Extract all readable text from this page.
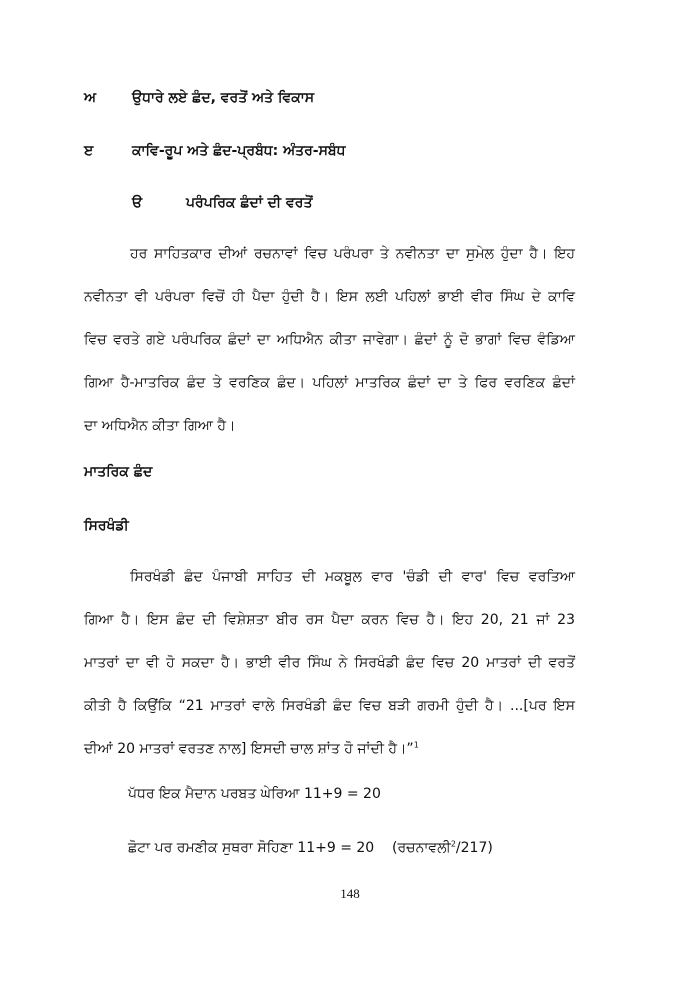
ਅ	ਉਧਾਰੇ ਲਏ ਛੰਦ, ਵਰਤੋਂ ਅਤੇ ਵਿਕਾਸ
ੲ	ਕਾਵਿ-ਰੂਪ ਅਤੇ ਛੰਦ-ਪ੍ਰਬੰਧ: ਅੰਤਰ-ਸਬੰਧ
ੳ	ਪਰੰਪਰਿਕ ਛੰਦਾਂ ਦੀ ਵਰਤੋਂ
ਹਰ ਸਾਹਿਤਕਾਰ ਦੀਆਂ ਰਚਨਾਵਾਂ ਵਿਚ ਪਰੰਪਰਾ ਤੇ ਨਵੀਨਤਾ ਦਾ ਸੁਮੇਲ ਹੁੰਦਾ ਹੈ। ਇਹ
ਨਵੀਨਤਾ ਵੀ ਪਰੰਪਰਾ ਵਿਚੋਂ ਹੀ ਪੈਦਾ ਹੁੰਦੀ ਹੈ। ਇਸ ਲਈ ਪਹਿਲਾਂ ਭਾਈ ਵੀਰ ਸਿੰਘ ਦੇ ਕਾਵਿ
ਵਿਚ ਵਰਤੇ ਗਏ ਪਰੰਪਰਿਕ ਛੰਦਾਂ ਦਾ ਅਧਿਐਨ ਕੀਤਾ ਜਾਵੇਗਾ। ਛੰਦਾਂ ਨੂੰ ਦੋ ਭਾਗਾਂ ਵਿਚ ਵੰਡਿਆ
ਗਿਆ ਹੈ-ਮਾਤਰਿਕ ਛੰਦ ਤੇ ਵਰਣਿਕ ਛੰਦ। ਪਹਿਲਾਂ ਮਾਤਰਿਕ ਛੰਦਾਂ ਦਾ ਤੇ ਫਿਰ ਵਰਣਿਕ ਛੰਦਾਂ
ਦਾ ਅਧਿਐਨ ਕੀਤਾ ਗਿਆ ਹੈ।
ਮਾਤਰਿਕ ਛੰਦ
ਸਿਰਖੰਡੀ
ਸਿਰਖੰਡੀ ਛੰਦ ਪੰਜਾਬੀ ਸਾਹਿਤ ਦੀ ਮਕਬੂਲ ਵਾਰ 'ਚੰਡੀ ਦੀ ਵਾਰ' ਵਿਚ ਵਰਤਿਆ
ਗਿਆ ਹੈ। ਇਸ ਛੰਦ ਦੀ ਵਿਸ਼ੇਸ਼ਤਾ ਬੀਰ ਰਸ ਪੈਦਾ ਕਰਨ ਵਿਚ ਹੈ। ਇਹ 20, 21 ਜਾਂ 23
ਮਾਤਰਾਂ ਦਾ ਵੀ ਹੋ ਸਕਦਾ ਹੈ। ਭਾਈ ਵੀਰ ਸਿੰਘ ਨੇ ਸਿਰਖੰਡੀ ਛੰਦ ਵਿਚ 20 ਮਾਤਰਾਂ ਦੀ ਵਰਤੋਂ
ਕੀਤੀ ਹੈ ਕਿਉਂਕਿ “21 ਮਾਤਰਾਂ ਵਾਲੇ ਸਿਰਖੰਡੀ ਛੰਦ ਵਿਚ ਬੜੀ ਗਰਮੀ ਹੁੰਦੀ ਹੈ। ...[ਪਰ ਇਸ
ਦੀਆਂ 20 ਮਾਤਰਾਂ ਵਰਤਣ ਨਾਲ] ਇਸਦੀ ਚਾਲ ਸ਼ਾਂਤ ਹੋ ਜਾਂਦੀ ਹੈ।”$^1$
ਪੱਧਰ ਇਕ ਮੈਦਾਨ ਪਰਬਤ ਘੇਰਿਆ 11+9 = 20
ਛੋਟਾ ਪਰ ਰਮਣੀਕ ਸੁਥਰਾ ਸੋਹਿਣਾ 11+9 = 20 (ਰਚਨਾਵਲੀ$^2$/217)
148
